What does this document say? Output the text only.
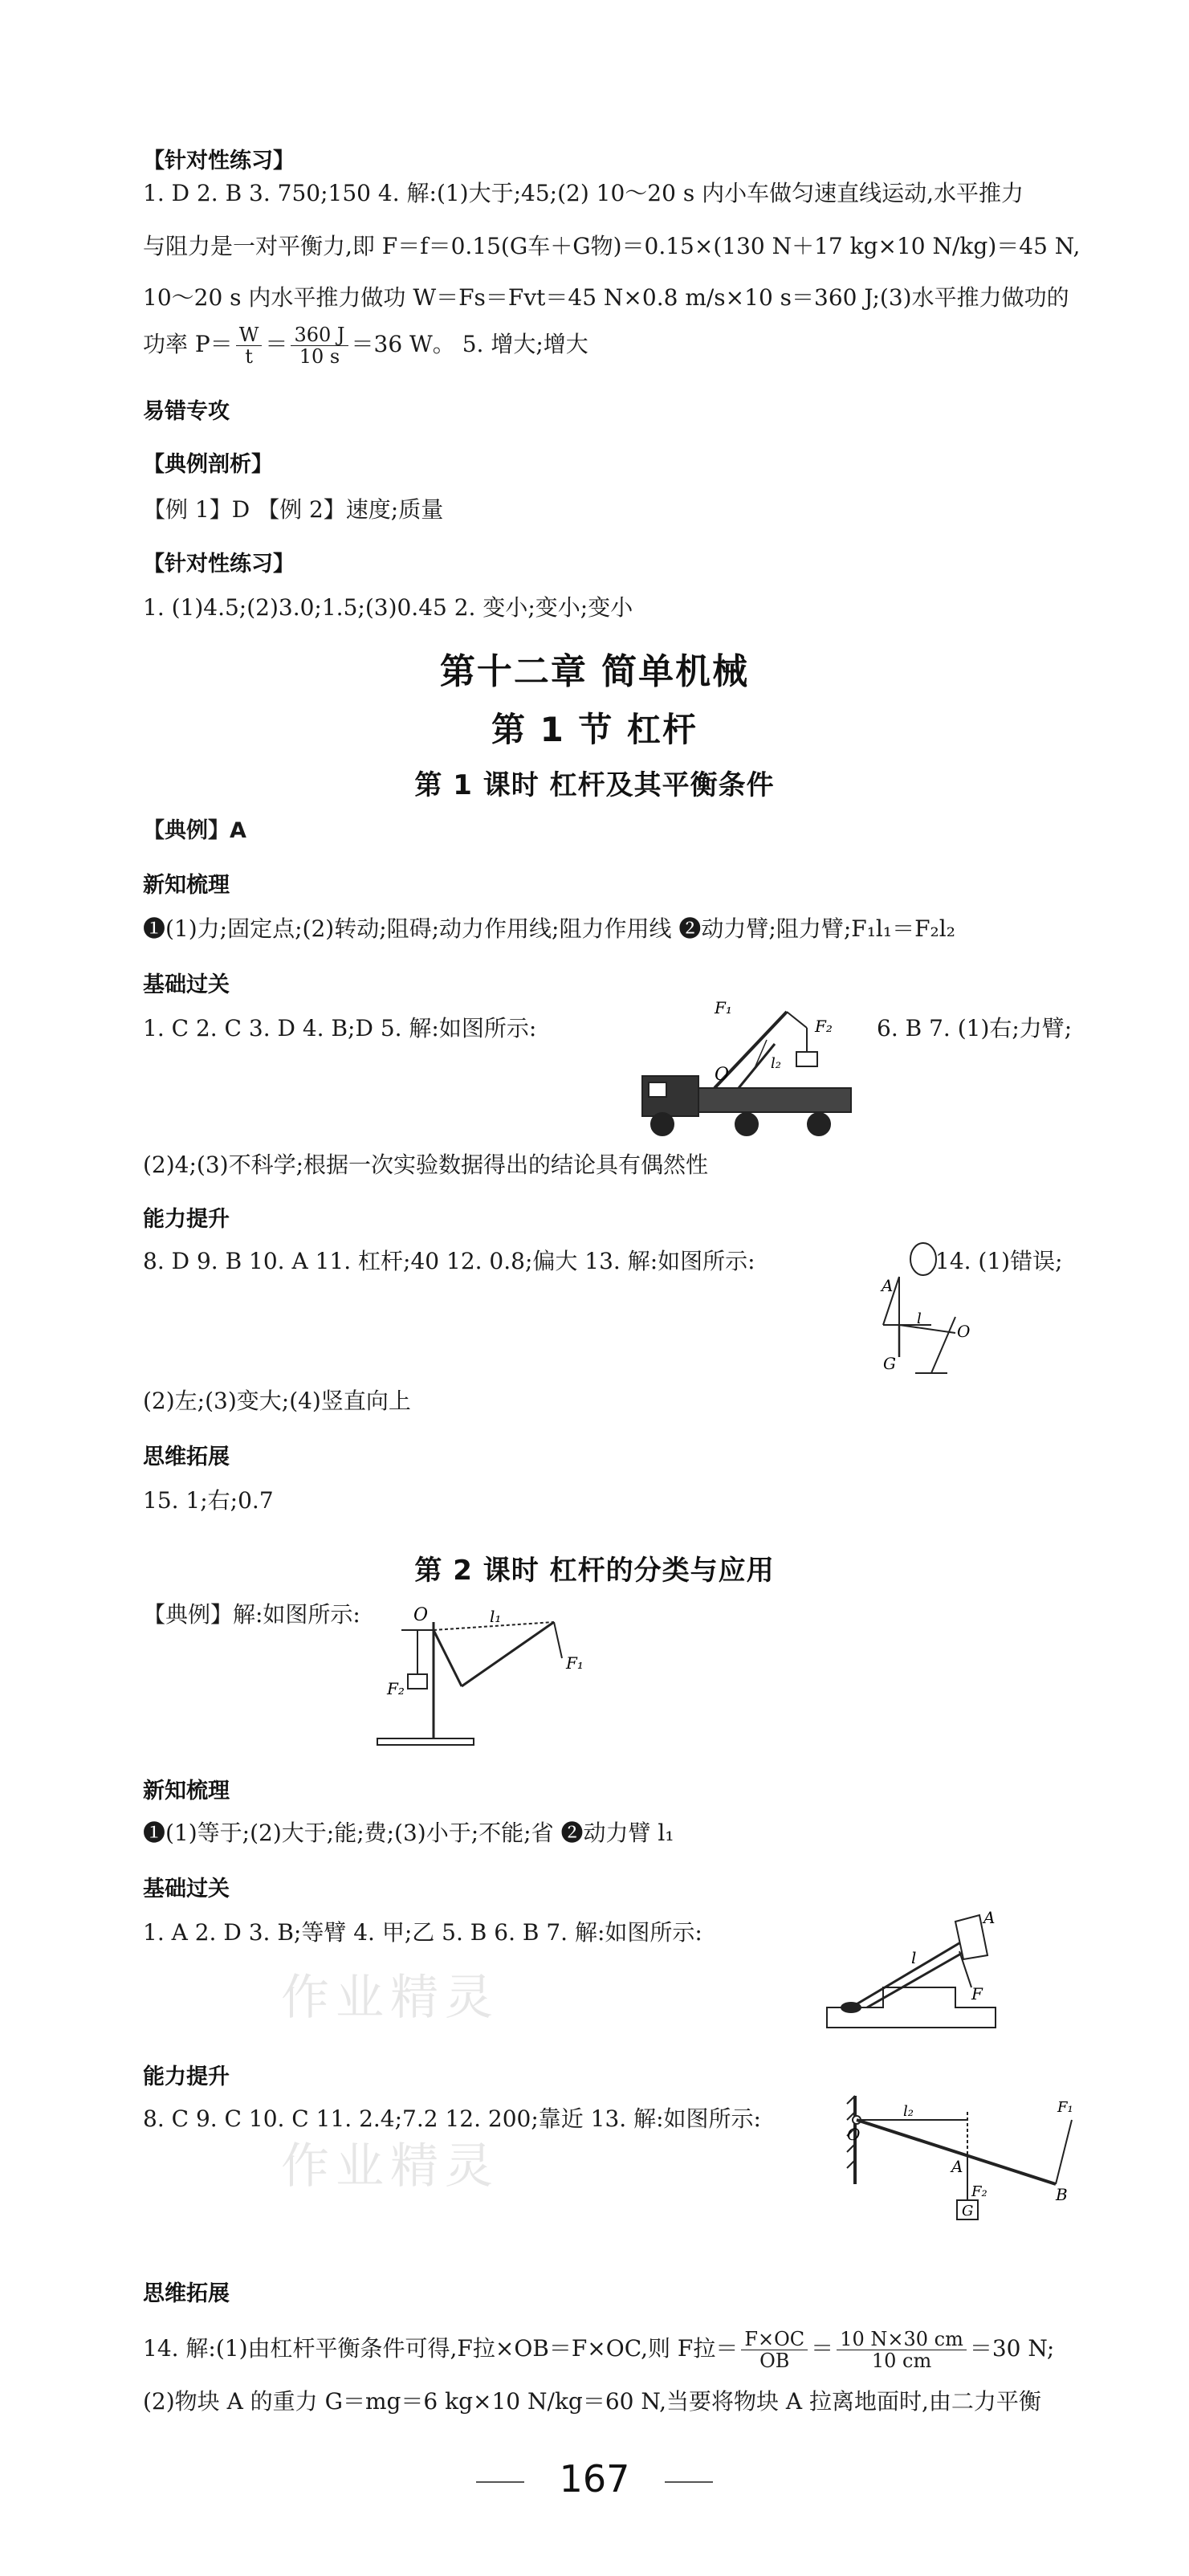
【针对性练习】
1. D 2. B 3. 750;150 4. 解:(1)大于;45;(2) 10～20 s 内小车做匀速直线运动,水平推力
与阻力是一对平衡力,即 F＝f＝0.15(G车＋G物)＝0.15×(130 N＋17 kg×10 N/kg)＝45 N,
10～20 s 内水平推力做功 W＝Fs＝Fvt＝45 N×0.8 m/s×10 s＝360 J;(3)水平推力做功的
功率 $P= \frac{W}{t} = \frac{360 J}{10 s} =36$ W。 5. 增大;增大
易错专攻
【典例剖析】
【例 1】D 【例 2】速度;质量
【针对性练习】
1. (1)4.5;(2)3.0;1.5;(3)0.45 2. 变小;变小;变小
第十二章 简单机械
第 1 节 杠杆
第 1 课时 杠杆及其平衡条件
【典例】A
新知梳理
❶(1)力;固定点;(2)转动;阻碍;动力作用线;阻力作用线 ❷动力臂;阻力臂;F₁l₁＝F₂l₂
基础过关
1. C 2. C 3. D 4. B;D 5. 解:如图所示:	6. B 7. (1)右;力臂;
F₁
F₂
O
l₂
(2)4;(3)不科学;根据一次实验数据得出的结论具有偶然性
能力提升
8. D 9. B 10. A 11. 杠杆;40 12. 0.8;偏大 13. 解:如图所示:	14. (1)错误;
A
G
l
O
(2)左;(3)变大;(4)竖直向上
思维拓展
15. 1;右;0.7
第 2 课时 杠杆的分类与应用
【典例】解:如图所示:	O	l₁
F₁
F₂
新知梳理
❶(1)等于;(2)大于;能;费;(3)小于;不能;省 ❷动力臂 l₁
基础过关
1. A 2. D 3. B;等臂 4. 甲;乙 5. B 6. B 7. 解:如图所示:
作业精灵
A
l
F
能力提升
8. C 9. C 10. C 11. 2.4;7.2 12. 200;靠近 13. 解:如图所示:
作业精灵
O
l₂
A
F₂
G
B
F₁
思维拓展
14. 解:(1)由杠杆平衡条件可得,F拉×OB＝F×OC,则 F拉＝ $\frac{F\times OC}{OB} = \frac{10 N\times 30 cm}{10 cm} =30$ N;
(2)物块 A 的重力 G＝mg＝6 kg×10 N/kg＝60 N,当要将物块 A 拉离地面时,由二力平衡
167
